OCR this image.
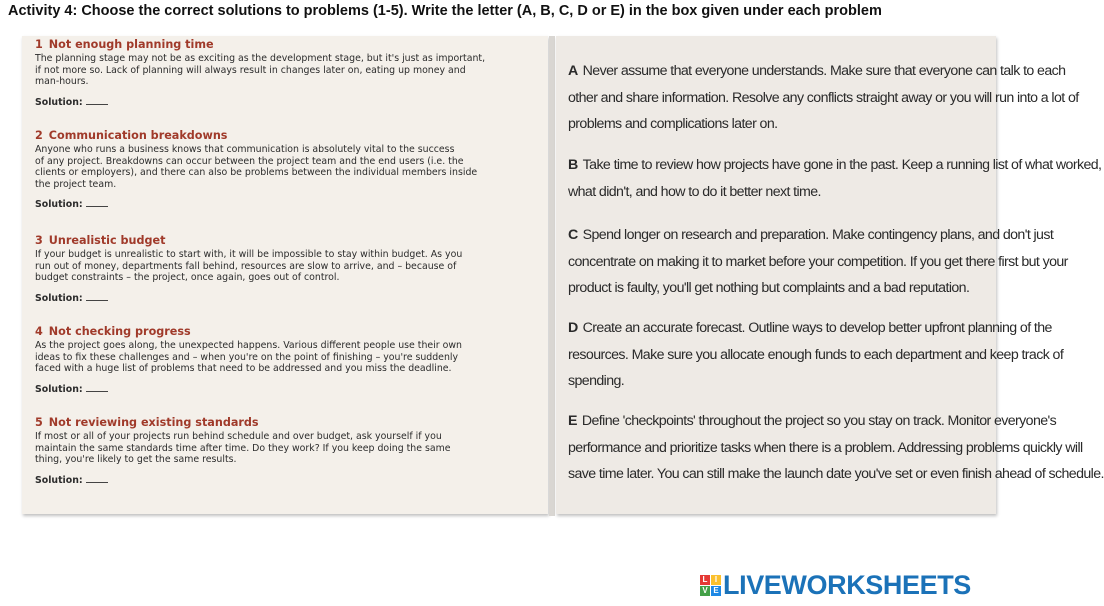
Activity 4: Choose the correct solutions to problems (1-5). Write the letter (A, B, C, D or E) in the box given under each problem
1 Not enough planning time
The planning stage may not be as exciting as the development stage, but it's just as important,
if not more so. Lack of planning will always result in changes later on, eating up money and
man-hours.
Solution:
2 Communication breakdowns
Anyone who runs a business knows that communication is absolutely vital to the success
of any project. Breakdowns can occur between the project team and the end users (i.e. the
clients or employers), and there can also be problems between the individual members inside
the project team.
Solution:
3 Unrealistic budget
If your budget is unrealistic to start with, it will be impossible to stay within budget. As you
run out of money, departments fall behind, resources are slow to arrive, and – because of
budget constraints – the project, once again, goes out of control.
Solution:
4 Not checking progress
As the project goes along, the unexpected happens. Various different people use their own
ideas to fix these challenges and – when you're on the point of finishing – you're suddenly
faced with a huge list of problems that need to be addressed and you miss the deadline.
Solution:
5 Not reviewing existing standards
If most or all of your projects run behind schedule and over budget, ask yourself if you
maintain the same standards time after time. Do they work? If you keep doing the same
thing, you're likely to get the same results.
Solution:
A Never assume that everyone understands. Make sure that everyone can talk to each
other and share information. Resolve any conflicts straight away or you will run into a lot of
problems and complications later on.
B Take time to review how projects have gone in the past. Keep a running list of what worked,
what didn't, and how to do it better next time.
C Spend longer on research and preparation. Make contingency plans, and don't just
concentrate on making it to market before your competition. If you get there first but your
product is faulty, you'll get nothing but complaints and a bad reputation.
D Create an accurate forecast. Outline ways to develop better upfront planning of the
resources. Make sure you allocate enough funds to each department and keep track of
spending.
E Define 'checkpoints' throughout the project so you stay on track. Monitor everyone's
performance and prioritize tasks when there is a problem. Addressing problems quickly will
save time later. You can still make the launch date you've set or even finish ahead of schedule.
L I
V E LIVEWORKSHEETS
